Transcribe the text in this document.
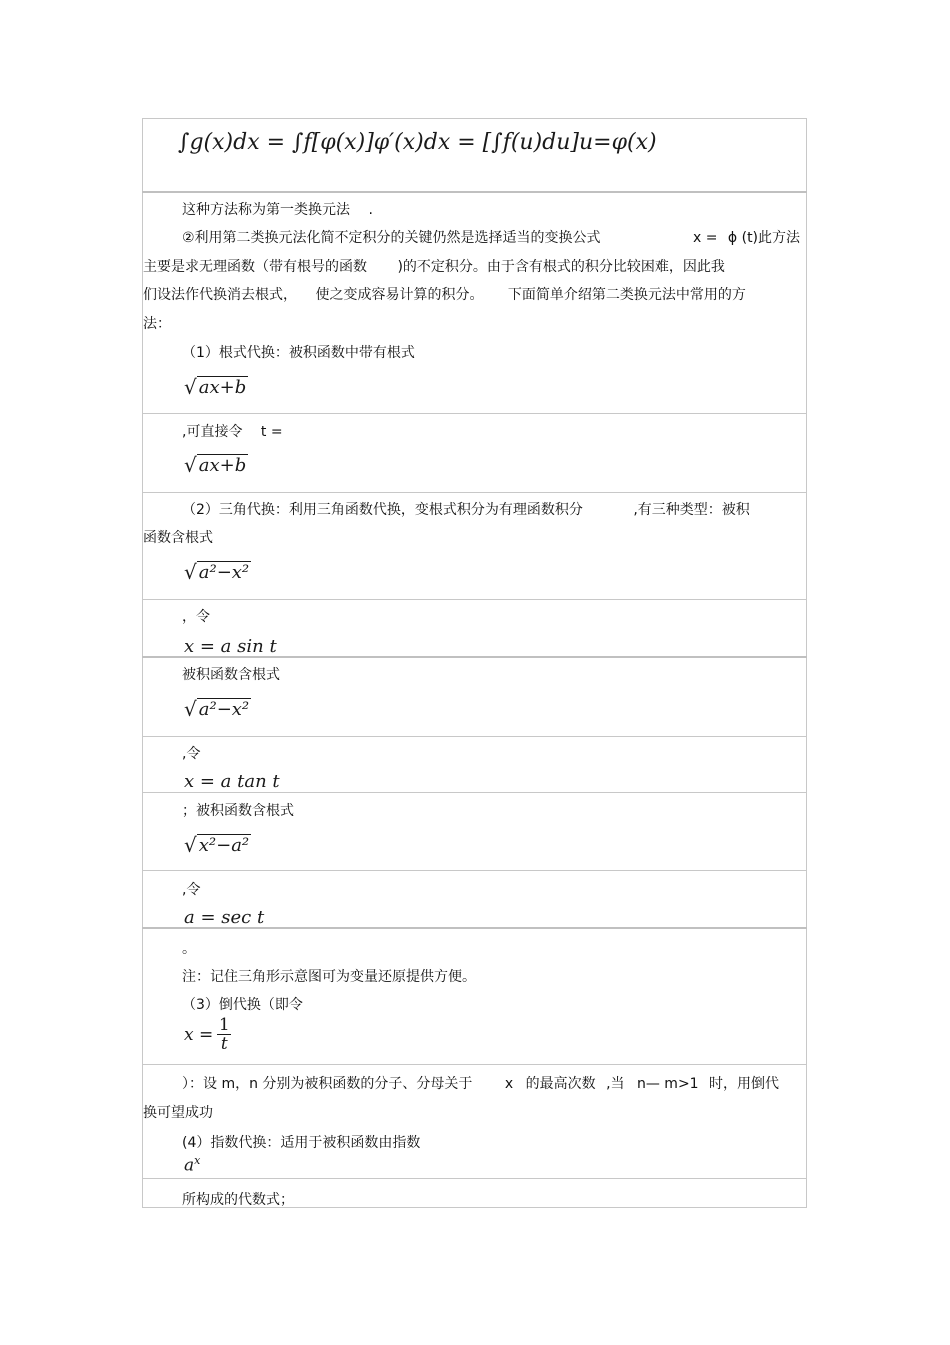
∫g(x)dx = ∫f[φ(x)]φ′(x)dx = [∫f(u)du]u=φ(x)
这种方法称为第一类换元法 .
②利用第二类换元法化简不定积分的关键仍然是选择适当的变换公式	x = ϕ (t)此方法
主要是求无理函数（带有根号的函数 )的不定积分。由于含有根式的积分比较困难，因此我
们设法作代换消去根式， 使之变成容易计算的积分。 下面简单介绍第二类换元法中常用的方
法：
（1）根式代换：被积函数中带有根式
√ ax+b
,可直接令 t =
√ ax+b
（2）三角代换：利用三角函数代换，变根式积分为有理函数积分	,有三种类型：被积
函数含根式
√ a²−x²
，令
x = a sin t
被积函数含根式
√ a²−x²
,令
x = a tan t
；被积函数含根式
√ x²−a²
,令
a = sec t
。
注：记住三角形示意图可为变量还原提供方便。
（3）倒代换（即令
$x = \frac{1}{t}$
）：设 m，n 分别为被积函数的分子、分母关于 x 的最高次数 ,当 n— m>1 时，用倒代
换可望成功
(4）指数代换：适用于被积函数由指数
$a^x$
所构成的代数式；
